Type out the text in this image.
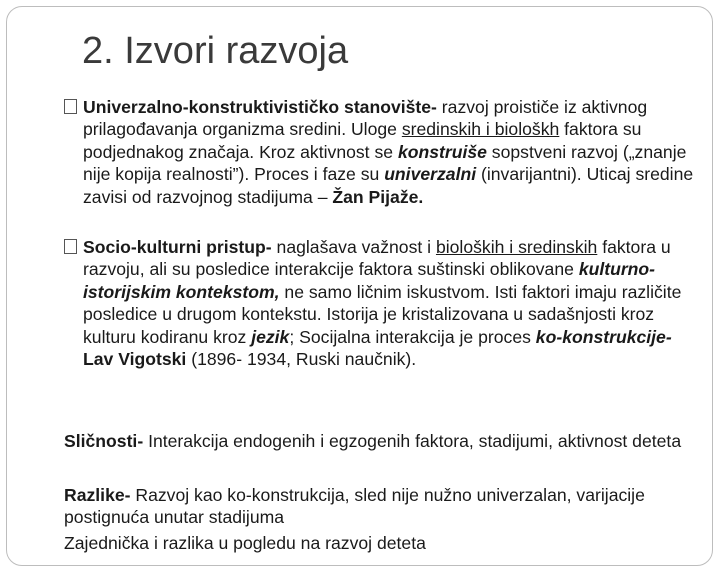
2. Izvori razvoja

Univerzalno-konstruktivističko stanovište- razvoj proističe iz aktivnog prilagođavanja organizma sredini. Uloge sredinskih i biološkh faktora su podjednakog značaja. Kroz aktivnost se konstruiše sopstveni razvoj („znanje nije kopija realnosti”). Proces i faze su univerzalni (invarijantni). Uticaj sredine zavisi od razvojnog stadijuma – Žan Pijaže.

Socio-kulturni pristup- naglašava važnost i bioloških i sredinskih faktora u razvoju, ali su posledice interakcije faktora suštinski oblikovane kulturno-istorijskim kontekstom, ne samo ličnim iskustvom. Isti faktori imaju različite posledice u drugom kontekstu. Istorija je kristalizovana u sadašnjosti kroz kulturu kodiranu kroz jezik; Socijalna interakcija je proces ko-konstrukcije- Lav Vigotski (1896- 1934, Ruski naučnik).

Sličnosti- Interakcija endogenih i egzogenih faktora, stadijumi, aktivnost deteta
Razlike- Razvoj kao ko-konstrukcija, sled nije nužno univerzalan, varijacije postignuća unutar stadijuma
Zajednička i razlika u pogledu na razvoj deteta
